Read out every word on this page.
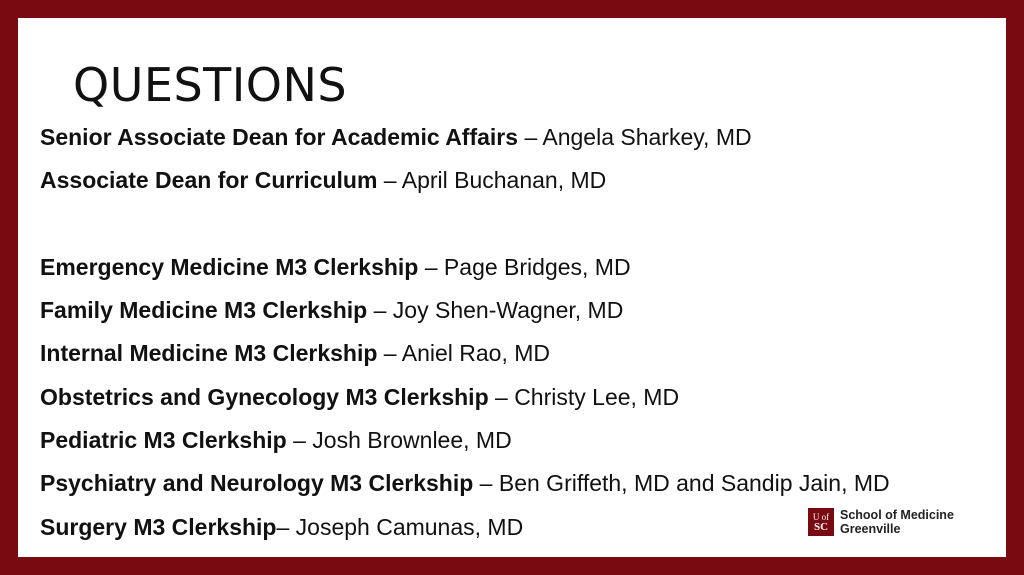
QUESTIONS
Senior Associate Dean for Academic Affairs – Angela Sharkey, MD
Associate Dean for Curriculum – April Buchanan, MD
Emergency Medicine M3 Clerkship – Page Bridges, MD
Family Medicine M3 Clerkship – Joy Shen-Wagner, MD
Internal Medicine M3 Clerkship – Aniel Rao, MD
Obstetrics and Gynecology M3 Clerkship – Christy Lee, MD
Pediatric M3 Clerkship – Josh Brownlee, MD
Psychiatry and Neurology M3 Clerkship – Ben Griffeth, MD and Sandip Jain, MD
Surgery M3 Clerkship– Joseph Camunas, MD	U of
SC
School of Medicine
Greenville
